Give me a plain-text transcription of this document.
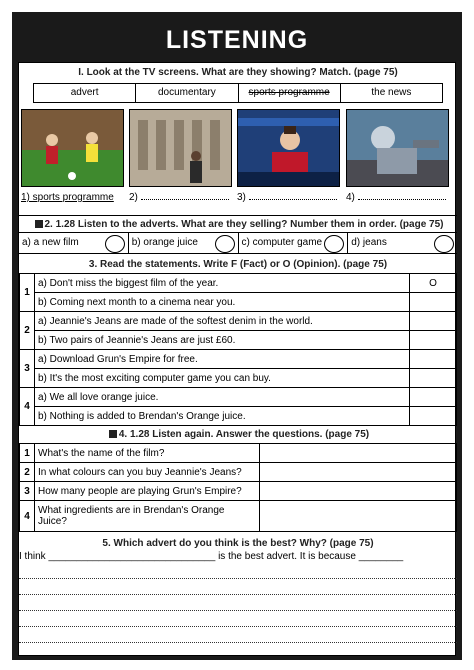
teacherfiera.com™
LISTENING
I. Look at the TV screens. What are they showing? Match. (page 75)
advert	documentary	sports programme	the news
1) sports programme 2)	3)	4)
2. 1.28 Listen to the adverts. What are they selling? Number them in order. (page 75)
a) a new film	b) orange juice	c) computer game	d) jeans
3. Read the statements. Write F (Fact) or O (Opinion). (page 75)
1	a) Don't miss the biggest film of the year.	O
	b) Coming next month to a cinema near you.	
2	a) Jeannie's Jeans are made of the softest denim in the world.	
	b) Two pairs of Jeannie's Jeans are just £60.	
3	a) Download Grun's Empire for free.	
	b) It's the most exciting computer game you can buy.	
4	a) We all love orange juice.	
	b) Nothing is added to Brendan's Orange juice.	
4. 1.28 Listen again. Answer the questions. (page 75)
1	What's the name of the film?	
2	In what colours can you buy Jeannie's Jeans?	
3	How many people are playing Grun's Empire?	
4	What ingredients are in Brendan's Orange Juice?	
5. Which advert do you think is the best? Why? (page 75)
I think ______________________________ is the best advert. It is because ________
